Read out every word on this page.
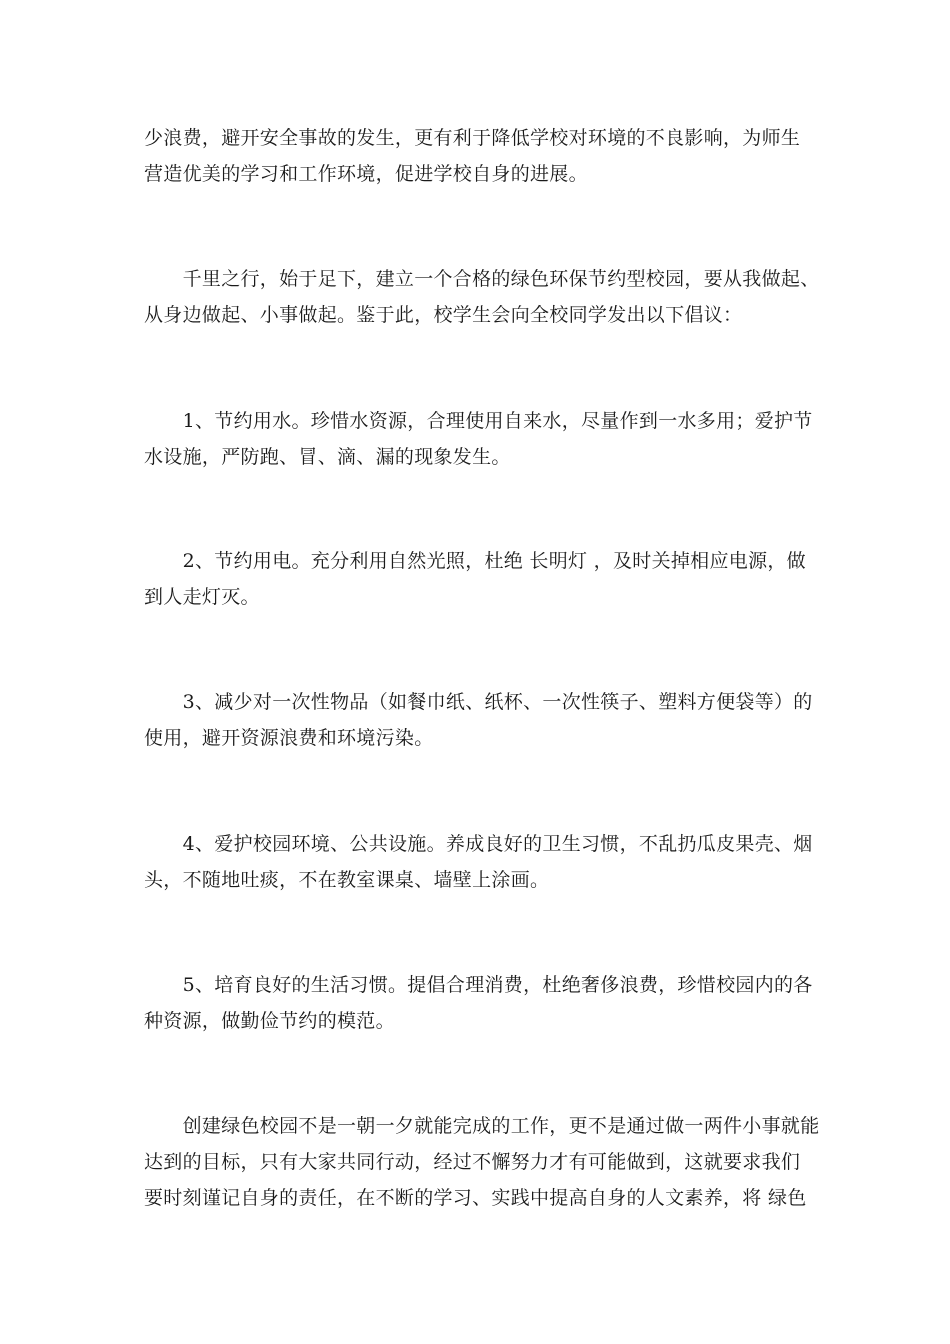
少浪费，避开安全事故的发生，更有利于降低学校对环境的不良影响，为师生
营造优美的学习和工作环境，促进学校自身的进展。

　　千里之行，始于足下，建立一个合格的绿色环保节约型校园，要从我做起、
从身边做起、小事做起。鉴于此，校学生会向全校同学发出以下倡议：

　　1、节约用水。珍惜水资源，合理使用自来水，尽量作到一水多用；爱护节
水设施，严防跑、冒、滴、漏的现象发生。

　　2、节约用电。充分利用自然光照，杜绝 长明灯 ，及时关掉相应电源，做
到人走灯灭。

　　3、减少对一次性物品（如餐巾纸、纸杯、一次性筷子、塑料方便袋等）的
使用，避开资源浪费和环境污染。

　　4、爱护校园环境、公共设施。养成良好的卫生习惯，不乱扔瓜皮果壳、烟
头，不随地吐痰，不在教室课桌、墙壁上涂画。

　　5、培育良好的生活习惯。提倡合理消费，杜绝奢侈浪费，珍惜校园内的各
种资源，做勤俭节约的模范。

　　创建绿色校园不是一朝一夕就能完成的工作，更不是通过做一两件小事就能
达到的目标，只有大家共同行动，经过不懈努力才有可能做到，这就要求我们
要时刻谨记自身的责任，在不断的学习、实践中提高自身的人文素养，将 绿色
